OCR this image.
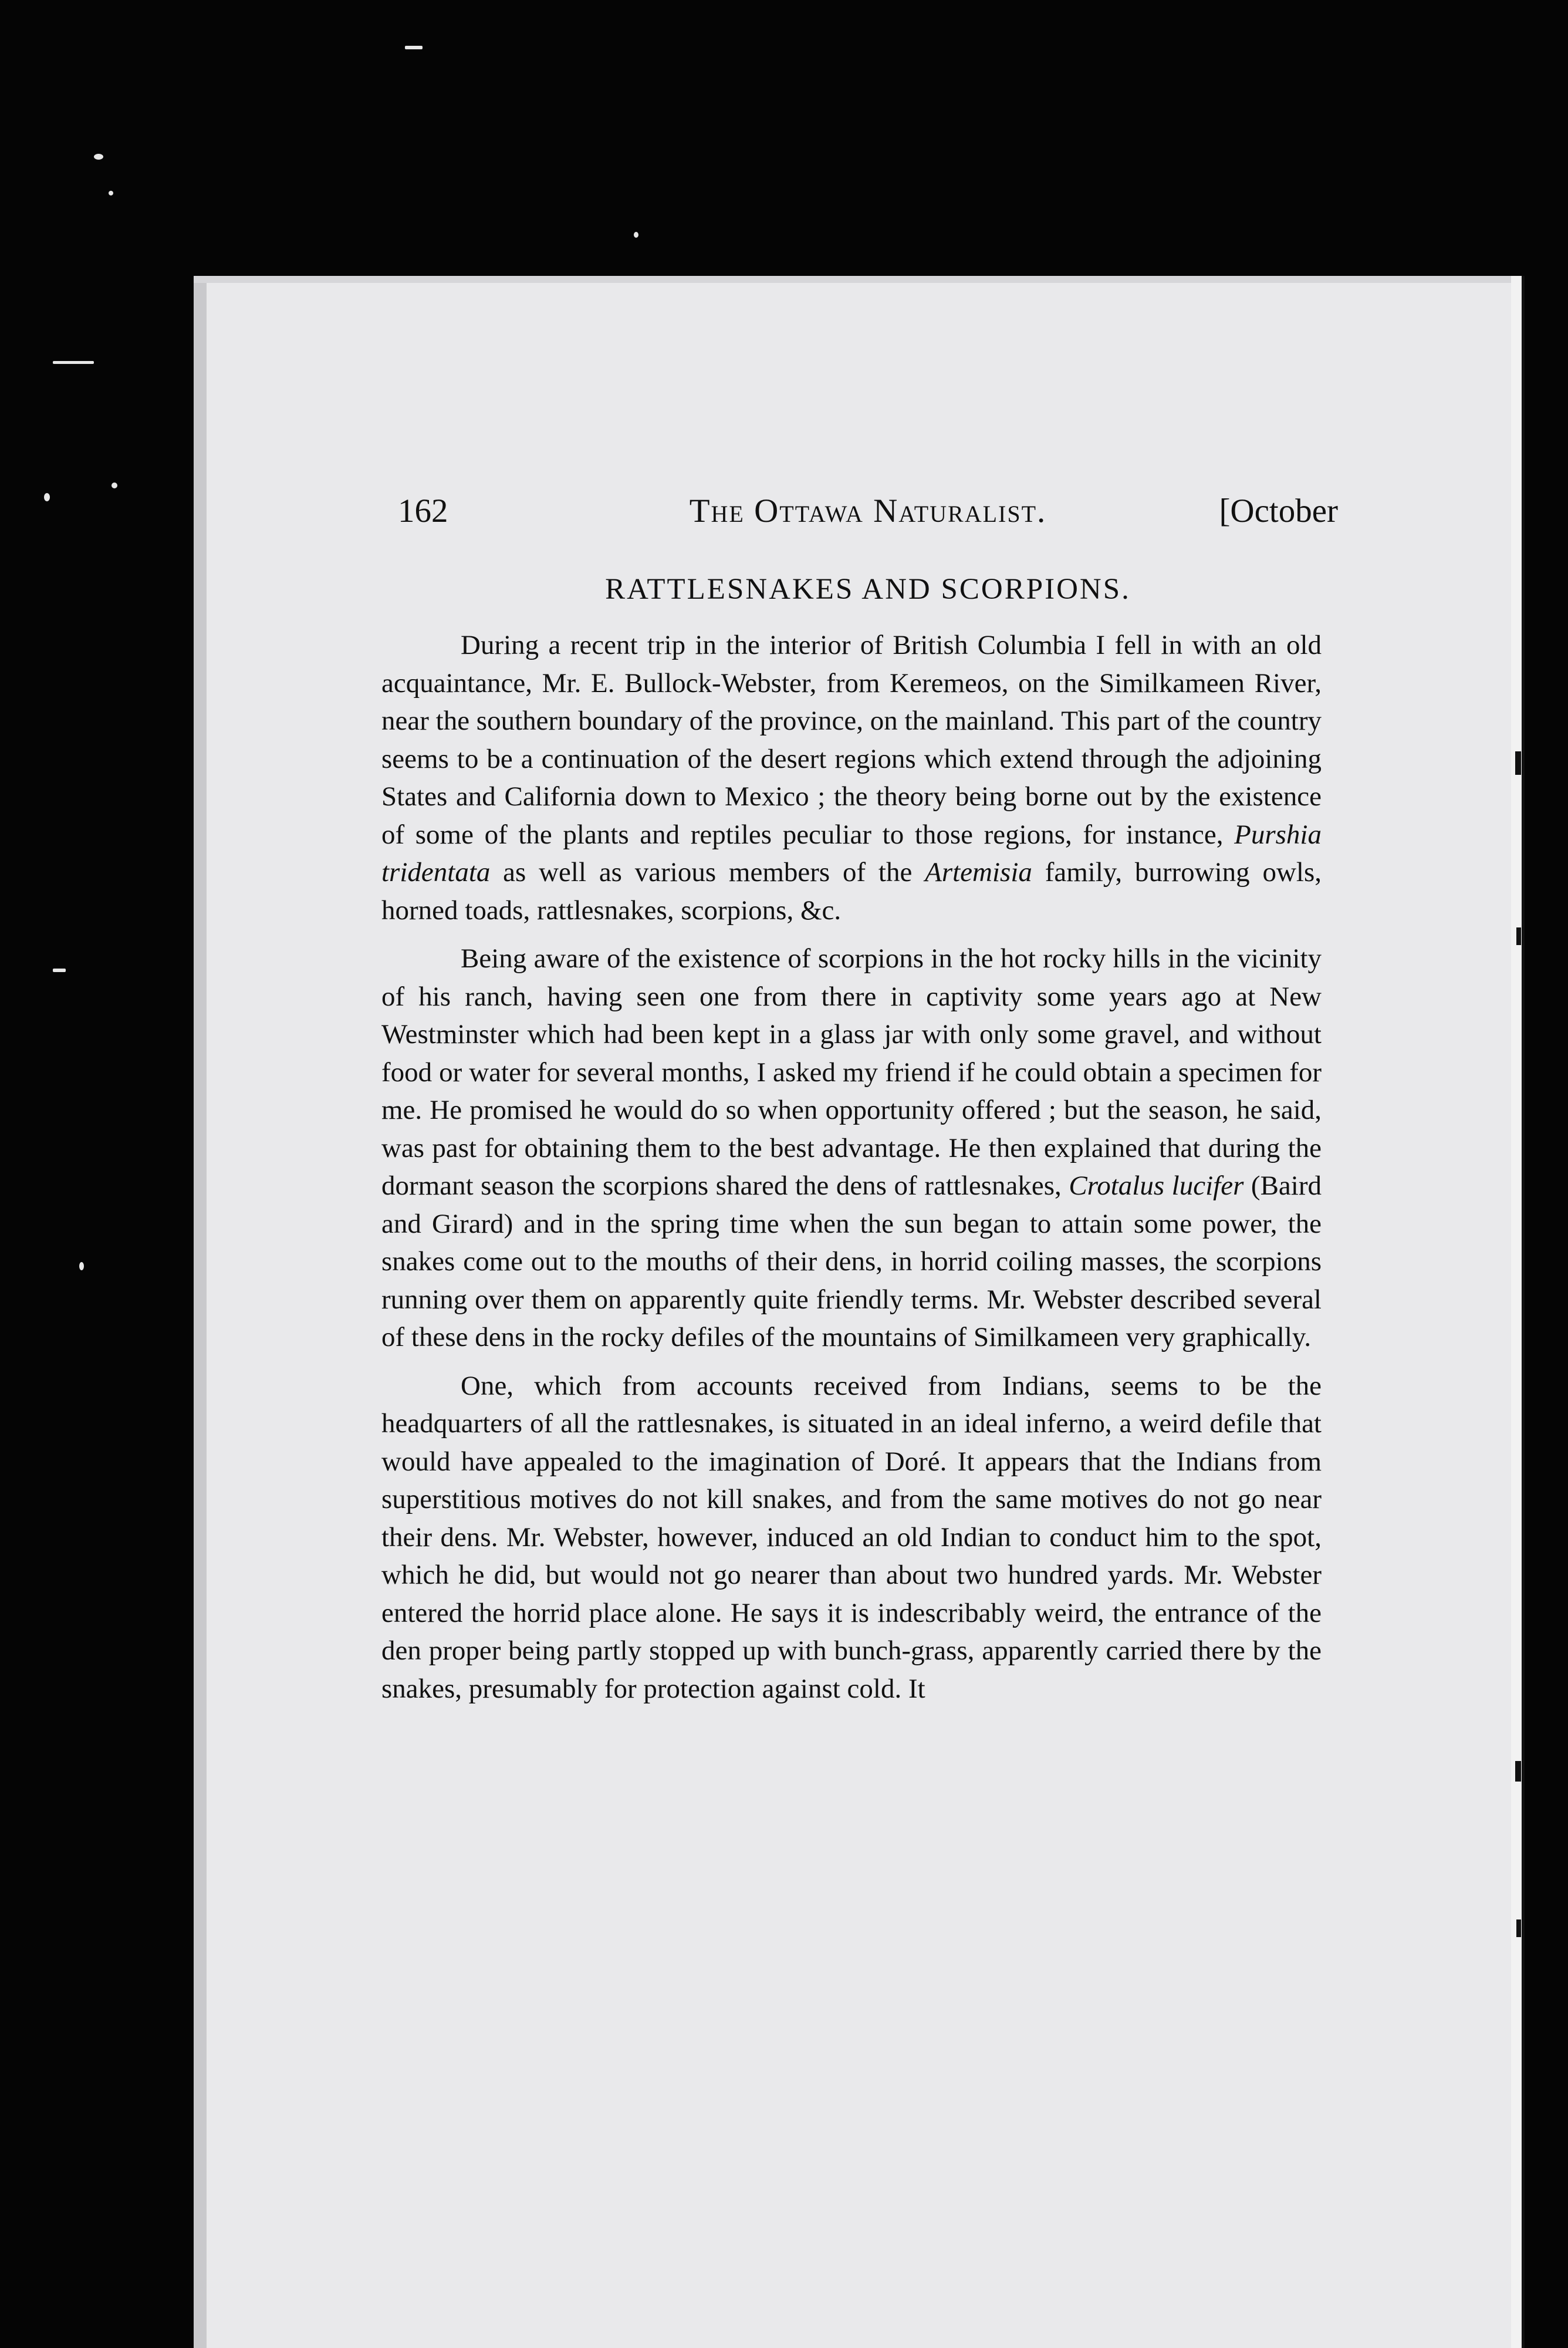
162	The Ottawa Naturalist.	[October
RATTLESNAKES AND SCORPIONS.

During a recent trip in the interior of British Columbia I fell in with an old acquaintance, Mr. E. Bullock-Webster, from Keremeos, on the Similkameen River, near the southern boundary of the province, on the mainland. This part of the country seems to be a continuation of the desert regions which extend through the adjoining States and California down to Mexico ; the theory being borne out by the existence of some of the plants and reptiles peculiar to those regions, for instance, Purshia tridentata as well as various members of the Artemisia family, burrowing owls, horned toads, rattlesnakes, scorpions, &c.

Being aware of the existence of scorpions in the hot rocky hills in the vicinity of his ranch, having seen one from there in captivity some years ago at New Westminster which had been kept in a glass jar with only some gravel, and without food or water for several months, I asked my friend if he could obtain a specimen for me. He promised he would do so when opportunity offered ; but the season, he said, was past for obtaining them to the best advantage. He then explained that during the dormant season the scorpions shared the dens of rattlesnakes, Crotalus lucifer (Baird and Girard) and in the spring time when the sun began to attain some power, the snakes come out to the mouths of their dens, in horrid coiling masses, the scorpions running over them on apparently quite friendly terms. Mr. Webster described several of these dens in the rocky defiles of the mountains of Similkameen very graphically.

One, which from accounts received from Indians, seems to be the headquarters of all the rattlesnakes, is situated in an ideal inferno, a weird defile that would have appealed to the imagination of Doré. It appears that the Indians from superstitious motives do not kill snakes, and from the same motives do not go near their dens. Mr. Webster, however, induced an old Indian to conduct him to the spot, which he did, but would not go nearer than about two hundred yards. Mr. Webster entered the horrid place alone. He says it is indescribably weird, the entrance of the den proper being partly stopped up with bunch-grass, apparently carried there by the snakes, presumably for protection against cold. It
